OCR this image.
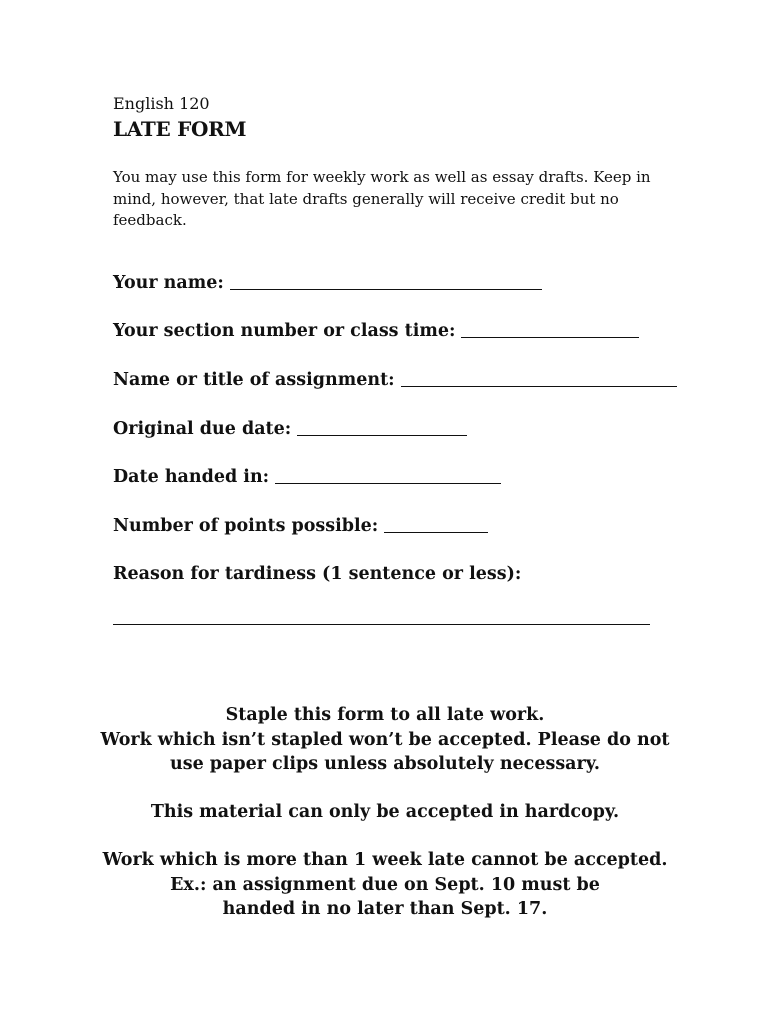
English 120
LATE FORM
You may use this form for weekly work as well as essay drafts. Keep in mind, however, that late drafts generally will receive credit but no feedback.
Your name:
Your section number or class time:
Name or title of assignment:
Original due date:
Date handed in:
Number of points possible:
Reason for tardiness (1 sentence or less):
Staple this form to all late work.
Work which isn’t stapled won’t be accepted. Please do not
use paper clips unless absolutely necessary.
This material can only be accepted in hardcopy.
Work which is more than 1 week late cannot be accepted.
Ex.: an assignment due on Sept. 10 must be
handed in no later than Sept. 17.
